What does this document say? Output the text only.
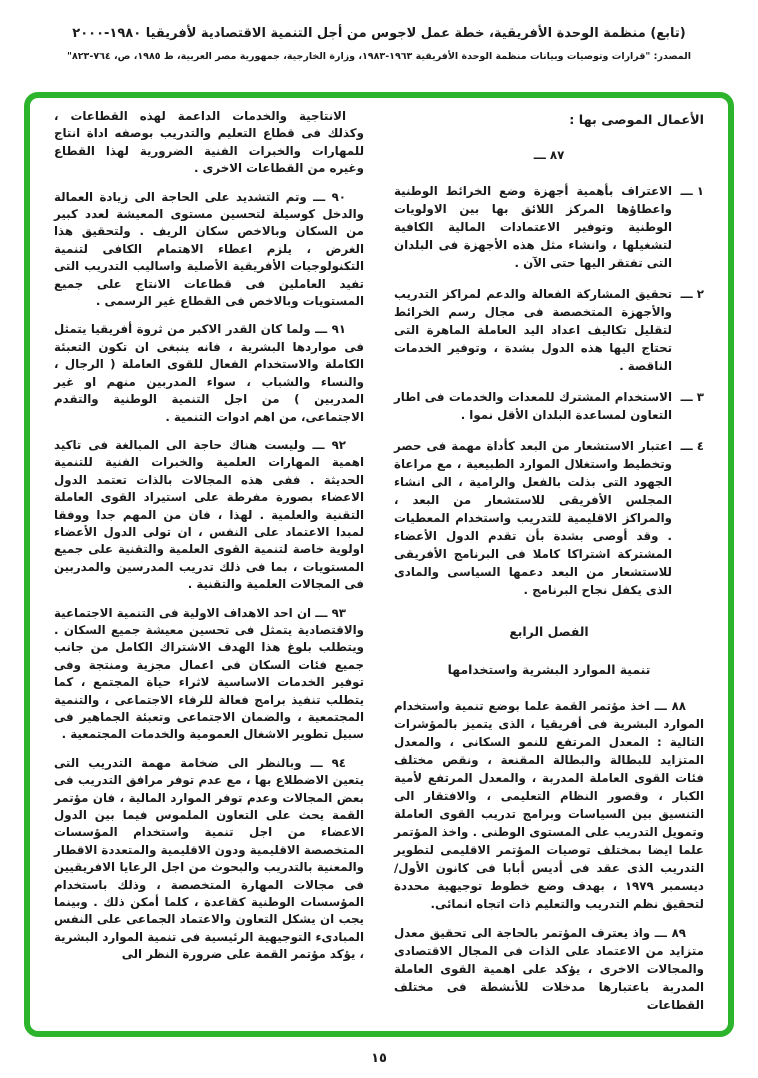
(تابع) منظمة الوحدة الأفريقية، خطة عمل لاجوس من أجل التنمية الاقتصادية لأفريقيا ١٩٨٠-٢٠٠٠
المصدر: "قرارات وتوصيات وبيانات منظمة الوحدة الأفريقية ١٩٦٣-١٩٨٣، وزارة الخارجية، جمهورية مصر العربية، ط ١٩٨٥، ص، ٧٦٤-٨٢٣"
الأعمال الموصى بها :
٨٧ ـــ
١ ـــ
الاعتراف بأهمية أجهزة وضع الخرائط الوطنية واعطاؤها المركز اللائق بها بين الاولويات الوطنية وتوفير الاعتمادات المالية الكافية لتشغيلها ، وانشاء مثل هذه الأجهزة فى البلدان التى تفتقر اليها حتى الآن .
٢ ـــ
تحقيق المشاركة الفعالة والدعم لمراكز التدريب والأجهزة المتخصصة فى مجال رسم الخرائط لتقليل تكاليف اعداد اليد العاملة الماهرة التى تحتاج اليها هذه الدول بشدة ، وتوفير الخدمات الناقصة .
٣ ـــ
الاستخدام المشترك للمعدات والخدمات فى اطار التعاون لمساعدة البلدان الأقل نموا .
٤ ـــ
اعتبار الاستشعار من البعد كأداة مهمة فى حصر وتخطيط واستغلال الموارد الطبيعية ، مع مراعاة الجهود التى بذلت بالفعل والرامية ، الى انشاء المجلس الأفريقى للاستشعار من البعد ، والمراكز الاقليمية للتدريب واستخدام المعطيات . وقد أوصى بشدة بأن تقدم الدول الأعضاء المشتركة اشتراكا كاملا فى البرنامج الأفريقى للاستشعار من البعد دعمها السياسى والمادى الذى يكفل نجاح البرنامج .
الفصل الرابع
تنمية الموارد البشرية واستخدامها
٨٨ ـــ اخذ مؤتمر القمة علما بوضع تنمية واستخدام الموارد البشرية فى أفريقيا ، الذى يتميز بالمؤشرات التالية : المعدل المرتفع للنمو السكانى ، والمعدل المتزايد للبطالة والبطالة المقنعة ، ونقص مختلف فئات القوى العاملة المدربة ، والمعدل المرتفع لأمية الكبار ، وقصور النظام التعليمى ، والافتقار الى التنسيق بين السياسات وبرامج تدريب القوى العاملة وتمويل التدريب على المستوى الوطنى . واخذ المؤتمر علما ايضا بمختلف توصيات المؤتمر الاقليمى لتطوير التدريب الذى عقد فى أديس أبابا فى كانون الأول/ديسمبر ١٩٧٩ ، بهدف وضع خطوط توجيهية محددة لتحقيق نظم التدريب والتعليم ذات اتجاه انمائى.
٨٩ ـــ واذ يعترف المؤتمر بالحاجة الى تحقيق معدل متزايد من الاعتماد على الذات فى المجال الاقتصادى والمجالات الاخرى ، يؤكد على اهمية القوى العاملة المدربة باعتبارها مدخلات للأنشطة فى مختلف القطاعات
الانتاجية والخدمات الداعمة لهذه القطاعات ، وكذلك فى قطاع التعليم والتدريب بوصفه اداة انتاج للمهارات والخبرات الفنية الضرورية لهذا القطاع وغيره من القطاعات الاخرى .
٩٠ ـــ وتم التشديد على الحاجة الى زيادة العمالة والدخل كوسيلة لتحسين مستوى المعيشة لعدد كبير من السكان وبالاخص سكان الريف . ولتحقيق هذا الغرض ، يلزم اعطاء الاهتمام الكافى لتنمية التكنولوجيات الأفريقية الأصلية واساليب التدريب التى تفيد العاملين فى قطاعات الانتاج على جميع المستويات وبالاخص فى القطاع غير الرسمى .
٩١ ـــ ولما كان القدر الاكبر من ثروة أفريقيا يتمثل فى مواردها البشرية ، فانه ينبغى ان تكون التعبئة الكاملة والاستخدام الفعال للقوى العاملة ( الرجال ، والنساء والشباب ، سواء المدربين منهم او غير المدربين ) من اجل التنمية الوطنية والتقدم الاجتماعى، من اهم ادوات التنمية .
٩٢ ـــ وليست هناك حاجة الى المبالغة فى تاكيد اهمية المهارات العلمية والخبرات الفنية للتنمية الحديثة . ففى هذه المجالات بالذات تعتمد الدول الاعضاء بصورة مفرطة على استيراد القوى العاملة التقنية والعلمية . لهذا ، فان من المهم جدا ووفقا لمبدا الاعتماد على النفس ، ان تولى الدول الأعضاء اولوية خاصة لتنمية القوى العلمية والتقنية على جميع المستويات ، بما فى ذلك تدريب المدرسين والمدربين فى المجالات العلمية والتقنية .
٩٣ ـــ ان احد الاهداف الاولية فى التنمية الاجتماعية والاقتصادية يتمثل فى تحسين معيشة جميع السكان . ويتطلب بلوغ هذا الهدف الاشتراك الكامل من جانب جميع فئات السكان فى اعمال مجزية ومنتجة وفى توفير الخدمات الاساسية لاثراء حياة المجتمع ، كما يتطلب تنفيذ برامج فعالة للرفاء الاجتماعى ، والتنمية المجتمعية ، والضمان الاجتماعى وتعبئة الجماهير فى سبيل تطوير الاشغال العمومية والخدمات المجتمعية .
٩٤ ـــ وبالنظر الى ضخامة مهمة التدريب التى يتعين الاضطلاع بها ، مع عدم توفر مرافق التدريب فى بعض المجالات وعدم توفر الموارد المالية ، فان مؤتمر القمة يحث على التعاون الملموس فيما بين الدول الاعضاء من اجل تنمية واستخدام المؤسسات المتخصصة الاقليمية ودون الاقليمية والمتعددة الاقطار والمعنية بالتدريب والبحوث من اجل الرعايا الافريقيين فى مجالات المهارة المتخصصة ، وذلك باستخدام المؤسسات الوطنية كقاعدة ، كلما أمكن ذلك . وبينما يجب ان يشكل التعاون والاعتماد الجماعى على النفس المبادىء التوجيهية الرئيسية فى تنمية الموارد البشرية ، يؤكد مؤتمر القمة على ضرورة النظر الى
١٥
